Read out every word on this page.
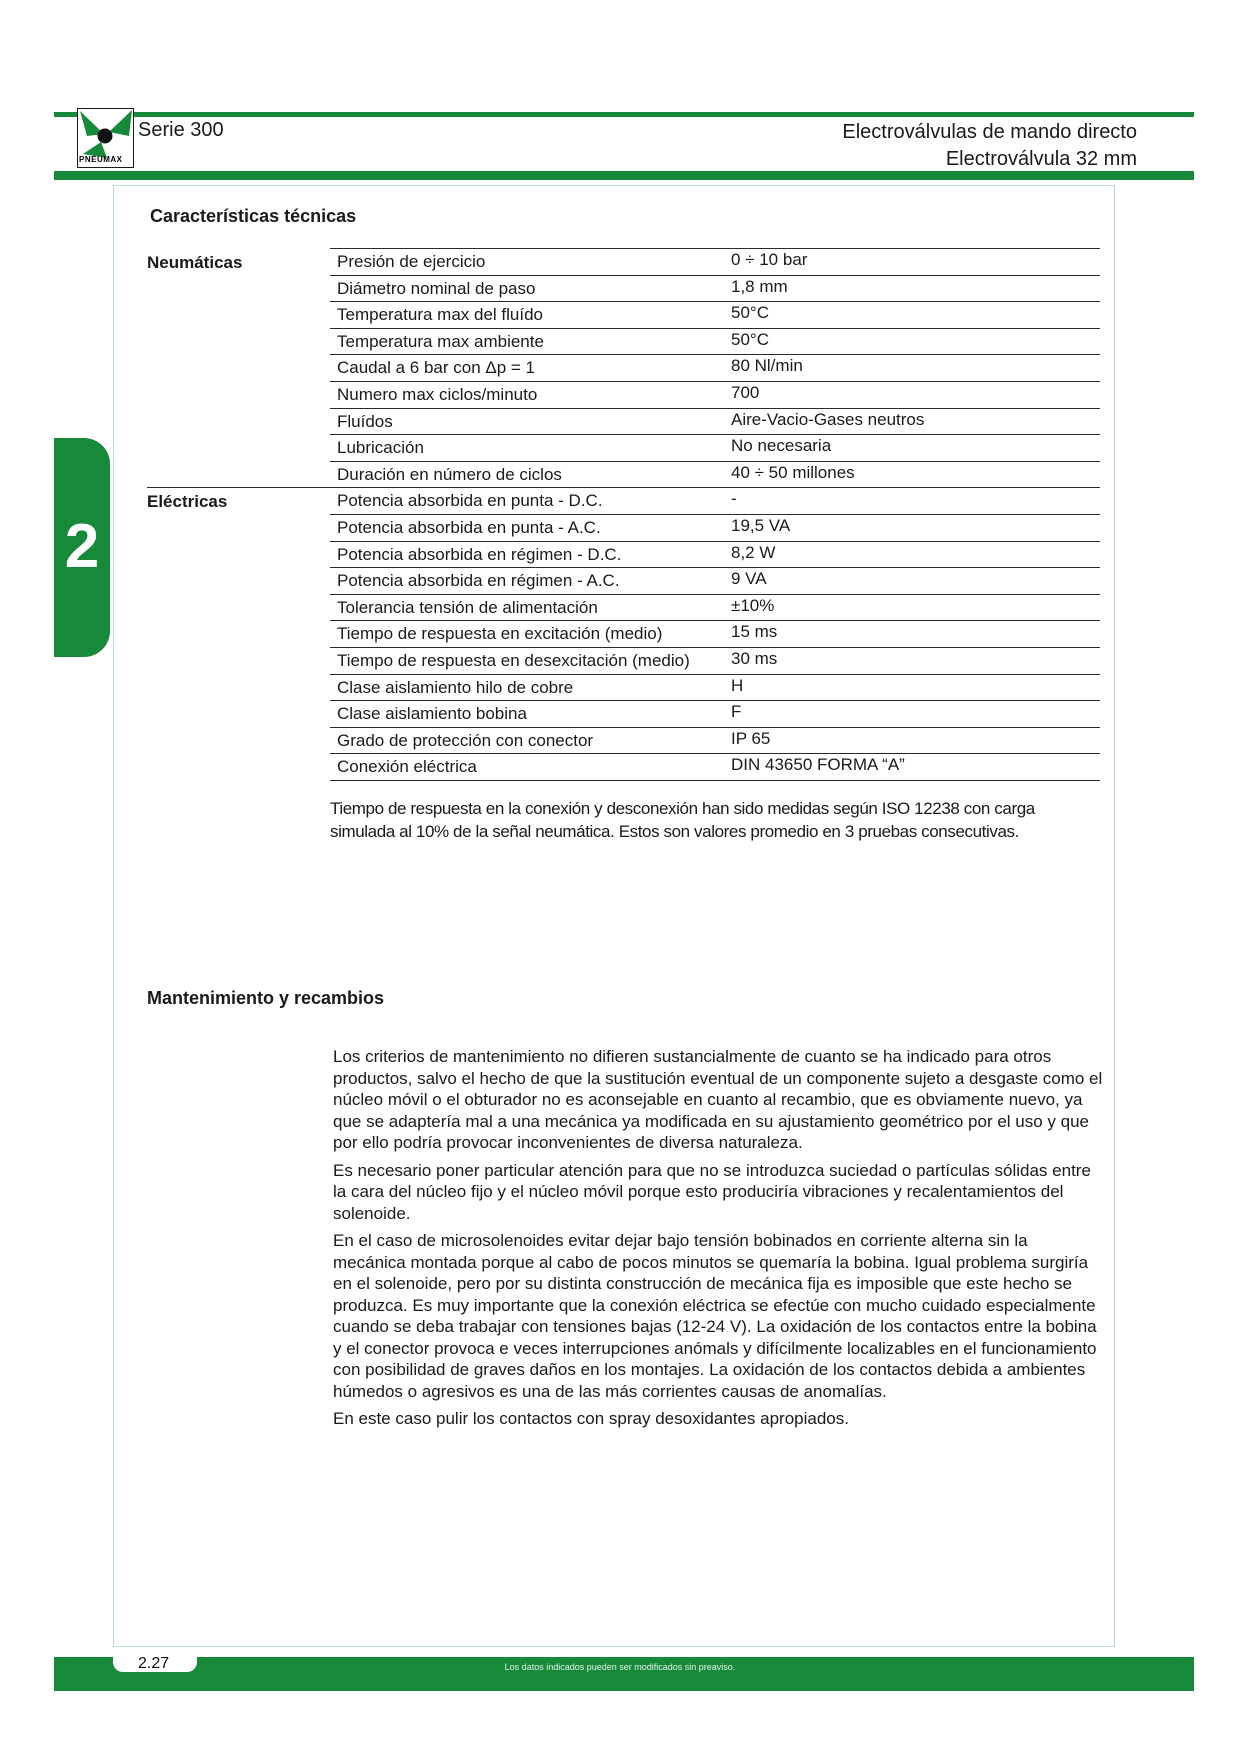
PNEUMAX
Serie 300	Electroválvulas de mando directo
Electroválvula 32 mm
2
Características técnicas
Neumáticas	Presión de ejercicio	0 ÷ 10 bar
Diámetro nominal de paso	1,8 mm
Temperatura max del fluído	50°C
Temperatura max ambiente	50°C
Caudal a 6 bar con Δp = 1	80 Nl/min
Numero max ciclos/minuto	700
Fluídos	Aire-Vacio-Gases neutros
Lubricación	No necesaria
Duración en número de ciclos	40 ÷ 50 millones
Eléctricas	Potencia absorbida en punta - D.C.	-
Potencia absorbida en punta - A.C.	19,5 VA
Potencia absorbida en régimen - D.C.	8,2 W
Potencia absorbida en régimen - A.C.	9 VA
Tolerancia tensión de alimentación	±10%
Tiempo de respuesta en excitación (medio)	15 ms
Tiempo de respuesta en desexcitación (medio) 30 ms
Clase aislamiento hilo de cobre	H
Clase aislamiento bobina	F
Grado de protección con conector	IP 65
Conexión eléctrica	DIN 43650 FORMA “A”
Tiempo de respuesta en la conexión y desconexión han sido medidas según ISO 12238 con carga simulada al 10% de la señal neumática. Estos son valores promedio en 3 pruebas consecutivas.
Mantenimiento y recambios

Los criterios de mantenimiento no difieren sustancialmente de cuanto se ha indicado para otros productos, salvo el hecho de que la sustitución eventual de un componente sujeto a desgaste como el núcleo móvil o el obturador no es aconsejable en cuanto al recambio, que es obviamente nuevo, ya que se adaptería mal a una mecánica ya modificada en su ajustamiento geométrico por el uso y que por ello podría provocar inconvenientes de diversa naturaleza.

Es necesario poner particular atención para que no se introduzca suciedad o partículas sólidas entre la cara del núcleo fijo y el núcleo móvil porque esto produciría vibraciones y recalentamientos del solenoide.

En el caso de microsolenoides evitar dejar bajo tensión bobinados en corriente alterna sin la mecánica montada porque al cabo de pocos minutos se quemaría la bobina. Igual problema surgiría en el solenoide, pero por su distinta construcción de mecánica fija es imposible que este hecho se produzca. Es muy importante que la conexión eléctrica se efectúe con mucho cuidado especialmente cuando se deba trabajar con tensiones bajas (12-24 V). La oxidación de los contactos entre la bobina y el conector provoca e veces interrupciones anómals y difícilmente localizables en el funcionamiento con posibilidad de graves daños en los montajes. La oxidación de los contactos debida a ambientes húmedos o agresivos es una de las más corrientes causas de anomalías.

En este caso pulir los contactos con spray desoxidantes apropiados.

2.27	Los datos indicados pueden ser modificados sin preaviso.
